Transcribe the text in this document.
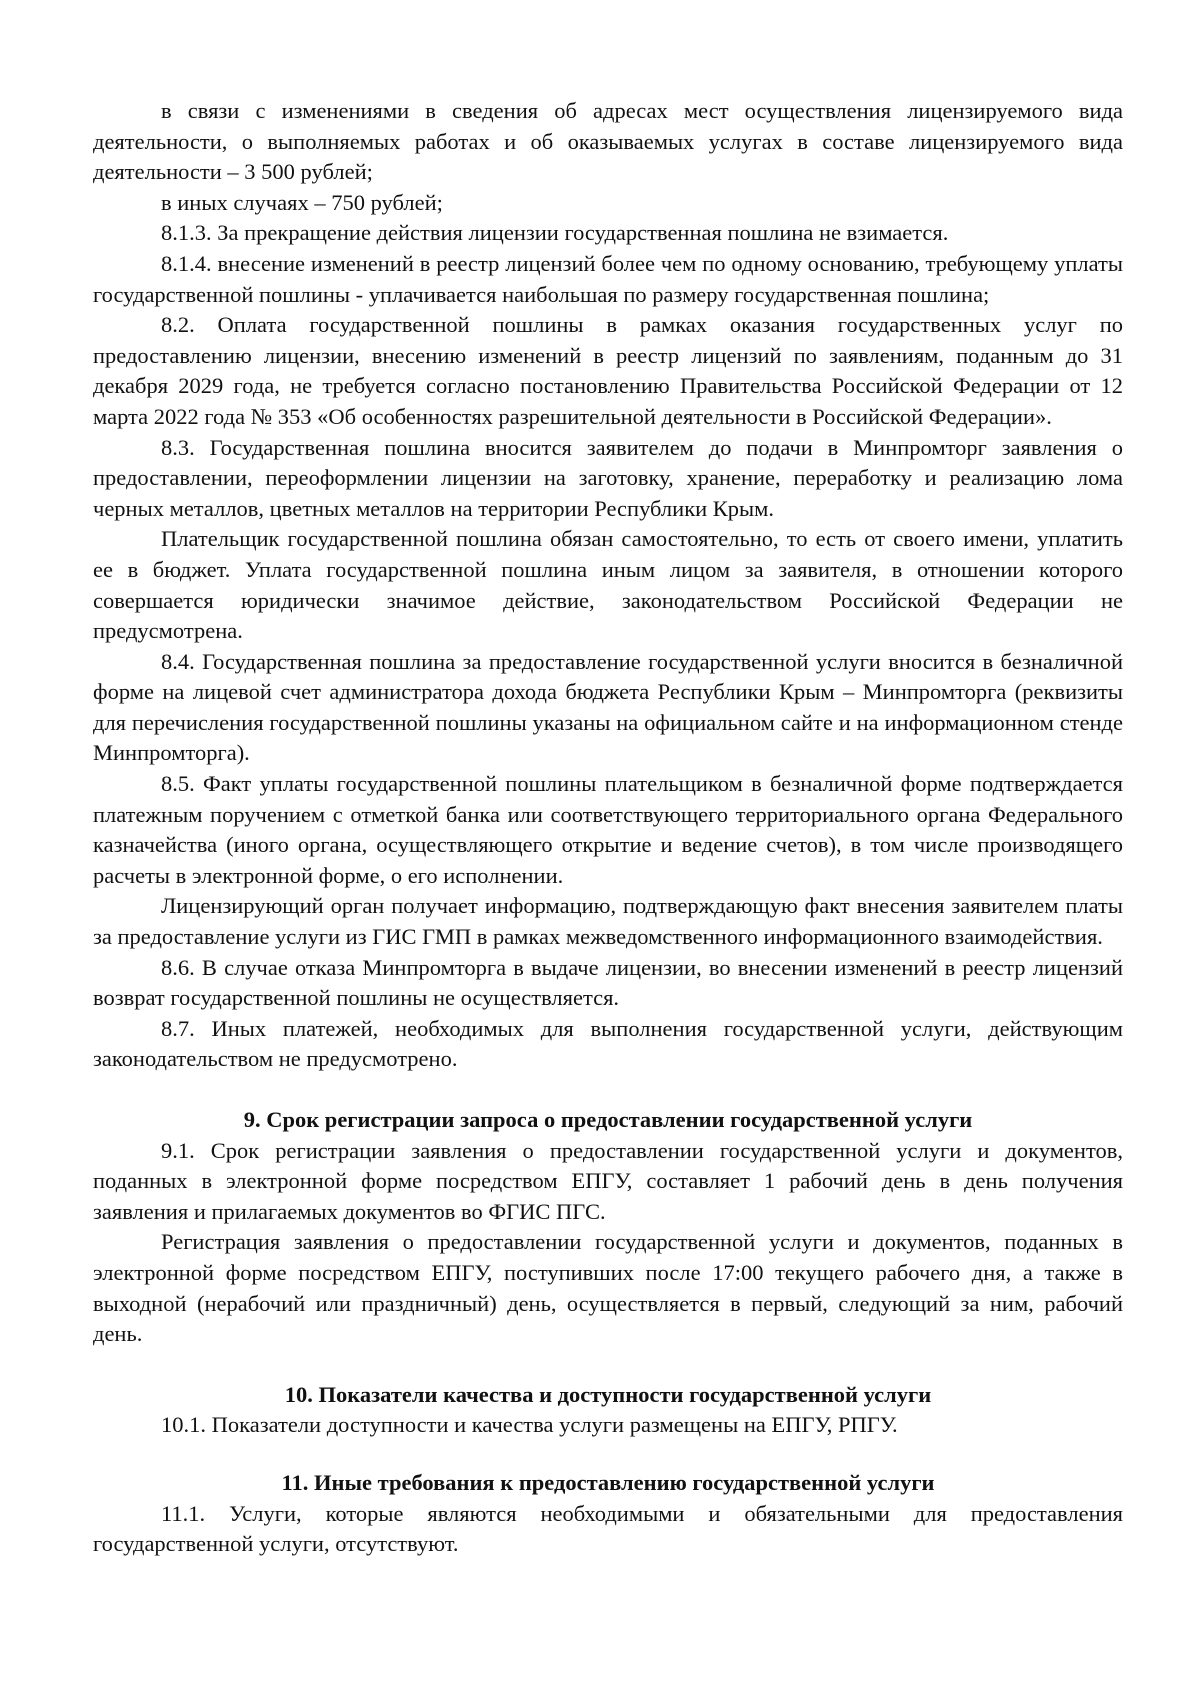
в связи с изменениями в сведения об адресах мест осуществления лицензируемого вида деятельности, о выполняемых работах и об оказываемых услугах в составе лицензируемого вида деятельности – 3 500 рублей;

в иных случаях – 750 рублей;

8.1.3. За прекращение действия лицензии государственная пошлина не взимается.

8.1.4. внесение изменений в реестр лицензий более чем по одному основанию, требующему уплаты государственной пошлины - уплачивается наибольшая по размеру государственная пошлина;

8.2. Оплата государственной пошлины в рамках оказания государственных услуг по предоставлению лицензии, внесению изменений в реестр лицензий по заявлениям, поданным до 31 декабря 2029 года, не требуется согласно постановлению Правительства Российской Федерации от 12 марта 2022 года № 353 «Об особенностях разрешительной деятельности в Российской Федерации».

8.3. Государственная пошлина вносится заявителем до подачи в Минпромторг заявления о предоставлении, переоформлении лицензии на заготовку, хранение, переработку и реализацию лома черных металлов, цветных металлов на территории Республики Крым.

Плательщик государственной пошлина обязан самостоятельно, то есть от своего имени, уплатить ее в бюджет. Уплата государственной пошлина иным лицом за заявителя, в отношении которого совершается юридически значимое действие, законодательством Российской Федерации не предусмотрена.

8.4. Государственная пошлина за предоставление государственной услуги вносится в безналичной форме на лицевой счет администратора дохода бюджета Республики Крым – Минпромторга (реквизиты для перечисления государственной пошлины указаны на официальном сайте и на информационном стенде Минпромторга).

8.5. Факт уплаты государственной пошлины плательщиком в безналичной форме подтверждается платежным поручением с отметкой банка или соответствующего территориального органа Федерального казначейства (иного органа, осуществляющего открытие и ведение счетов), в том числе производящего расчеты в электронной форме, о его исполнении.

Лицензирующий орган получает информацию, подтверждающую факт внесения заявителем платы за предоставление услуги из ГИС ГМП в рамках межведомственного информационного взаимодействия.

8.6. В случае отказа Минпромторга в выдаче лицензии, во внесении изменений в реестр лицензий возврат государственной пошлины не осуществляется.

8.7. Иных платежей, необходимых для выполнения государственной услуги, действующим законодательством не предусмотрено.

9. Срок регистрации запроса о предоставлении государственной услуги

9.1. Срок регистрации заявления о предоставлении государственной услуги и документов, поданных в электронной форме посредством ЕПГУ, составляет 1 рабочий день в день получения заявления и прилагаемых документов во ФГИС ПГС.

Регистрация заявления о предоставлении государственной услуги и документов, поданных в электронной форме посредством ЕПГУ, поступивших после 17:00 текущего рабочего дня, а также в выходной (нерабочий или праздничный) день, осуществляется в первый, следующий за ним, рабочий день.

10. Показатели качества и доступности государственной услуги

10.1. Показатели доступности и качества услуги размещены на ЕПГУ, РПГУ.

11. Иные требования к предоставлению государственной услуги

11.1. Услуги, которые являются необходимыми и обязательными для предоставления государственной услуги, отсутствуют.
